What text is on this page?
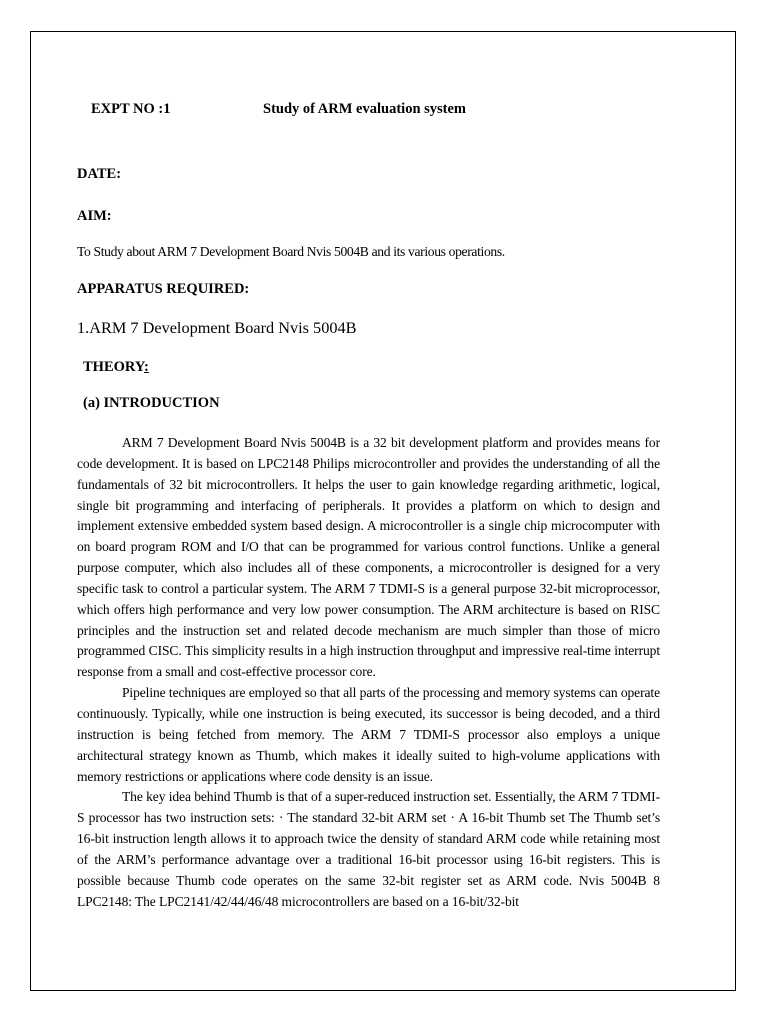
EXPT NO :1	Study of ARM evaluation system
DATE:
AIM:
To Study about ARM 7 Development Board Nvis 5004B and its various operations.
APPARATUS REQUIRED:
1.ARM 7 Development Board Nvis 5004B
THEORY:
(a) INTRODUCTION

ARM 7 Development Board Nvis 5004B is a 32 bit development platform and provides means for code development. It is based on LPC2148 Philips microcontroller and provides the understanding of all the fundamentals of 32 bit microcontrollers. It helps the user to gain knowledge regarding arithmetic, logical, single bit programming and interfacing of peripherals. It provides a platform on which to design and implement extensive embedded system based design. A microcontroller is a single chip microcomputer with on board program ROM and I/O that can be programmed for various control functions. Unlike a general purpose computer, which also includes all of these components, a microcontroller is designed for a very specific task to control a particular system. The ARM 7 TDMI-S is a general purpose 32-bit microprocessor, which offers high performance and very low power consumption. The ARM architecture is based on RISC principles and the instruction set and related decode mechanism are much simpler than those of micro programmed CISC. This simplicity results in a high instruction throughput and impressive real-time interrupt response from a small and cost-effective processor core.

Pipeline techniques are employed so that all parts of the processing and memory systems can operate continuously. Typically, while one instruction is being executed, its successor is being decoded, and a third instruction is being fetched from memory. The ARM 7 TDMI-S processor also employs a unique architectural strategy known as Thumb, which makes it ideally suited to high-volume applications with memory restrictions or applications where code density is an issue.

The key idea behind Thumb is that of a super-reduced instruction set. Essentially, the ARM 7 TDMI-S processor has two instruction sets: · The standard 32-bit ARM set · A 16-bit Thumb set The Thumb set’s 16-bit instruction length allows it to approach twice the density of standard ARM code while retaining most of the ARM’s performance advantage over a traditional 16-bit processor using 16-bit registers. This is possible because Thumb code operates on the same 32-bit register set as ARM code. Nvis 5004B 8 LPC2148: The LPC2141/42/44/46/48 microcontrollers are based on a 16-bit/32-bit
